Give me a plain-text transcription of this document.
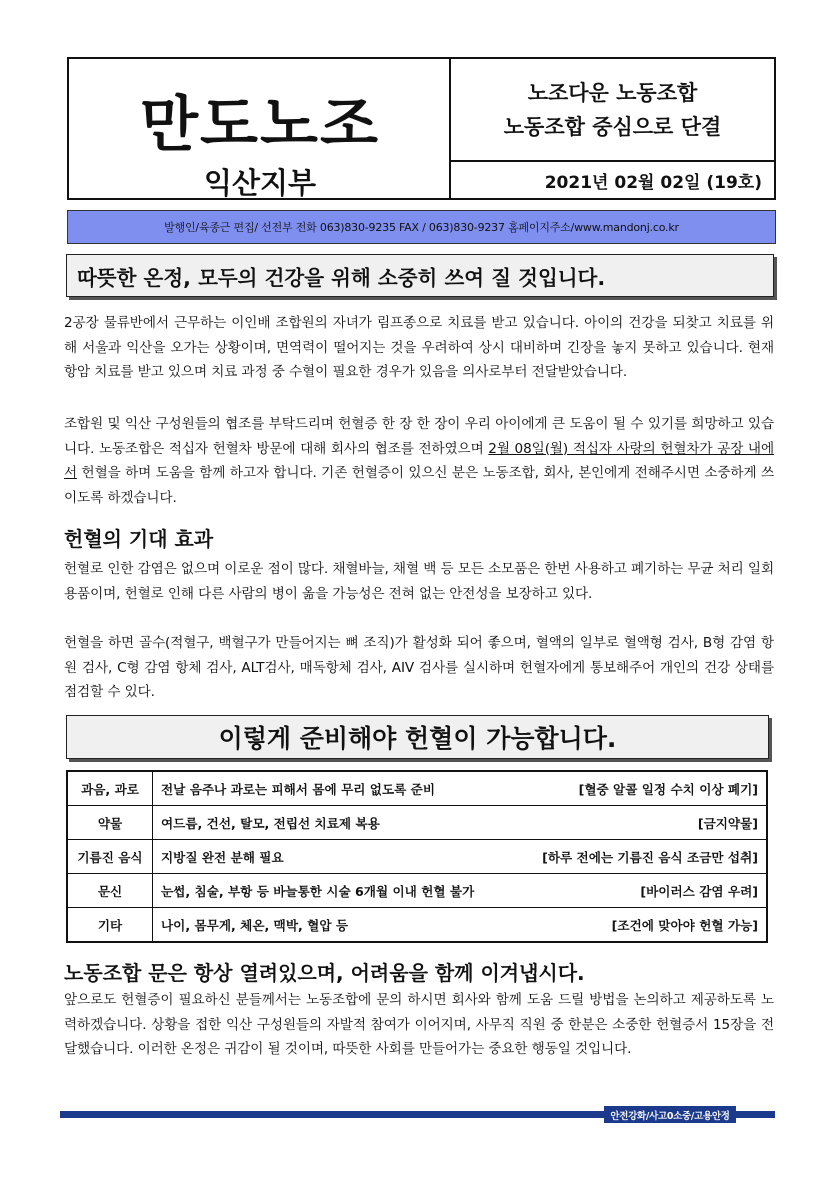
만도노조
익산지부
노조다운 노동조합
노동조합 중심으로 단결
2021년 02월 02일 (19호)
발행인/육종근 편집/ 선전부 전화 063)830-9235 FAX / 063)830-9237 홈페이지주소/www.mandonj.co.kr
따뜻한 온정, 모두의 건강을 위해 소중히 쓰여 질 것입니다.
2공장 물류반에서 근무하는 이인배 조합원의 자녀가 림프종으로 치료를 받고 있습니다. 아이의 건강을 되찾고 치료를 위해 서울과 익산을 오가는 상황이며, 면역력이 떨어지는 것을 우려하여 상시 대비하며 긴장을 놓지 못하고 있습니다. 현재 항암 치료를 받고 있으며 치료 과정 중 수혈이 필요한 경우가 있음을 의사로부터 전달받았습니다.
조합원 및 익산 구성원들의 협조를 부탁드리며 헌혈증 한 장 한 장이 우리 아이에게 큰 도움이 될 수 있기를 희망하고 있습니다. 노동조합은 적십자 헌혈차 방문에 대해 회사의 협조를 전하였으며 2월 08일(월) 적십자 사랑의 헌혈차가 공장 내에서 헌혈을 하며 도움을 함께 하고자 합니다. 기존 헌혈증이 있으신 분은 노동조합, 회사, 본인에게 전해주시면 소중하게 쓰이도록 하겠습니다.
헌혈의 기대 효과
헌혈로 인한 감염은 없으며 이로운 점이 많다. 채혈바늘, 채혈 백 등 모든 소모품은 한번 사용하고 폐기하는 무균 처리 일회용품이며, 헌혈로 인해 다른 사람의 병이 옮을 가능성은 전혀 없는 안전성을 보장하고 있다.
헌혈을 하면 골수(적혈구, 백혈구가 만들어지는 뼈 조직)가 활성화 되어 좋으며, 혈액의 일부로 혈액형 검사, B형 감염 항원 검사, C형 감염 항체 검사, ALT검사, 매독항체 검사, AIV 검사를 실시하며 헌혈자에게 통보해주어 개인의 건강 상태를 점검할 수 있다.
이렇게 준비해야 헌혈이 가능합니다.
과음, 과로	전날 음주나 과로는 피해서 몸에 무리 없도록 준비 [혈중 알콜 일정 수치 이상 폐기]

약물	여드름, 건선, 탈모, 전립선 치료제 복용 [금지약물]

기름진 음식	지방질 완전 분해 필요 [하루 전에는 기름진 음식 조금만 섭취]

문신	눈썹, 침술, 부항 등 바늘통한 시술 6개월 이내 헌혈 불가 [바이러스 감염 우려]

기타	나이, 몸무게, 체온, 맥박, 혈압 등 [조건에 맞아야 헌혈 가능]
노동조합 문은 항상 열려있으며, 어려움을 함께 이겨냅시다.
앞으로도 헌혈증이 필요하신 분들께서는 노동조합에 문의 하시면 회사와 함께 도움 드릴 방법을 논의하고 제공하도록 노력하겠습니다. 상황을 접한 익산 구성원들의 자발적 참여가 이어지며, 사무직 직원 중 한분은 소중한 헌혈증서 15장을 전달했습니다. 이러한 온정은 귀감이 될 것이며, 따뜻한 사회를 만들어가는 중요한 행동일 것입니다.
안전강화/사고0소중/고용안정
